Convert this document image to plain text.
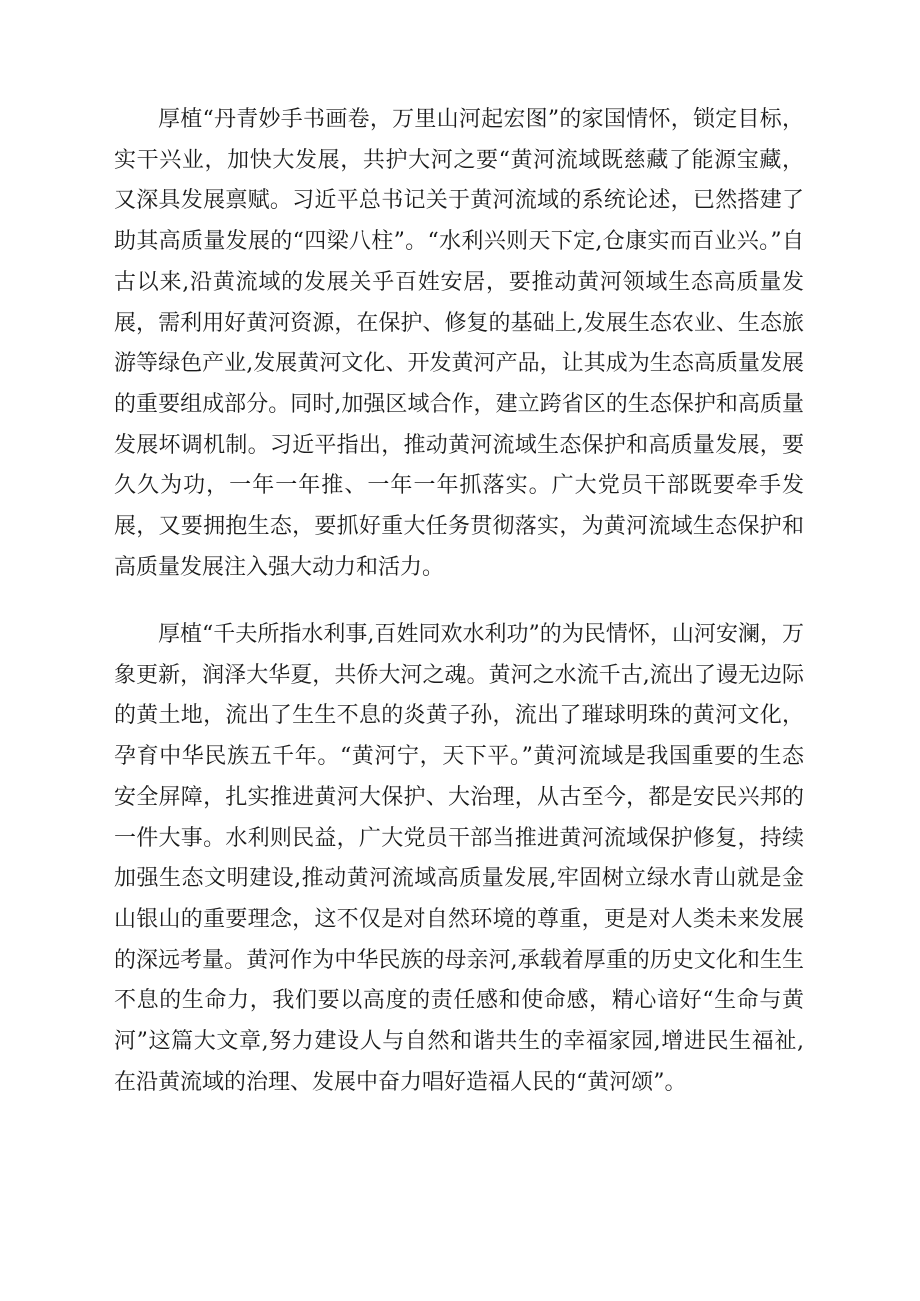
厚植“丹青妙手书画卷，万里山河起宏图”的家国情怀，锁定目标，实干兴业，加快大发展，共护大河之要“黄河流域既慈藏了能源宝藏，又深具发展禀赋。习近平总书记关于黄河流域的系统论述，已然搭建了助其高质量发展的“四梁八柱”。“水利兴则天下定,仓康实而百业兴。”自古以来,沿黄流域的发展关乎百姓安居，要推动黄河领域生态高质量发展，需利用好黄河资源，在保护、修复的基础上,发展生态农业、生态旅游等绿色产业,发展黄河文化、开发黄河产品，让其成为生态高质量发展的重要组成部分。同时,加强区域合作，建立跨省区的生态保护和高质量发展坏调机制。习近平指出，推动黄河流域生态保护和高质量发展，要久久为功，一年一年推、一年一年抓落实。广大党员干部既要牵手发展，又要拥抱生态，要抓好重大任务贯彻落实，为黄河流域生态保护和高质量发展注入强大动力和活力。

厚植“千夫所指水利事,百姓同欢水利功”的为民情怀，山河安澜，万象更新，润泽大华夏，共侨大河之魂。黄河之水流千古,流出了谩无边际的黄土地，流出了生生不息的炎黄子孙，流出了璀球明珠的黄河文化，孕育中华民族五千年。“黄河宁，天下平。”黄河流域是我国重要的生态安全屏障，扎实推进黄河大保护、大治理，从古至今，都是安民兴邦的一件大事。水利则民益，广大党员干部当推进黄河流域保护修复，持续加强生态文明建设,推动黄河流域高质量发展,牢固树立绿水青山就是金山银山的重要理念，这不仅是对自然环境的尊重，更是对人类未来发展的深远考量。黄河作为中华民族的母亲河,承载着厚重的历史文化和生生不息的生命力，我们要以高度的责任感和使命感，精心谙好“生命与黄河”这篇大文章,努力建设人与自然和谐共生的幸福家园,增进民生福祉,在沿黄流域的治理、发展中奋力唱好造福人民的“黄河颂”。
